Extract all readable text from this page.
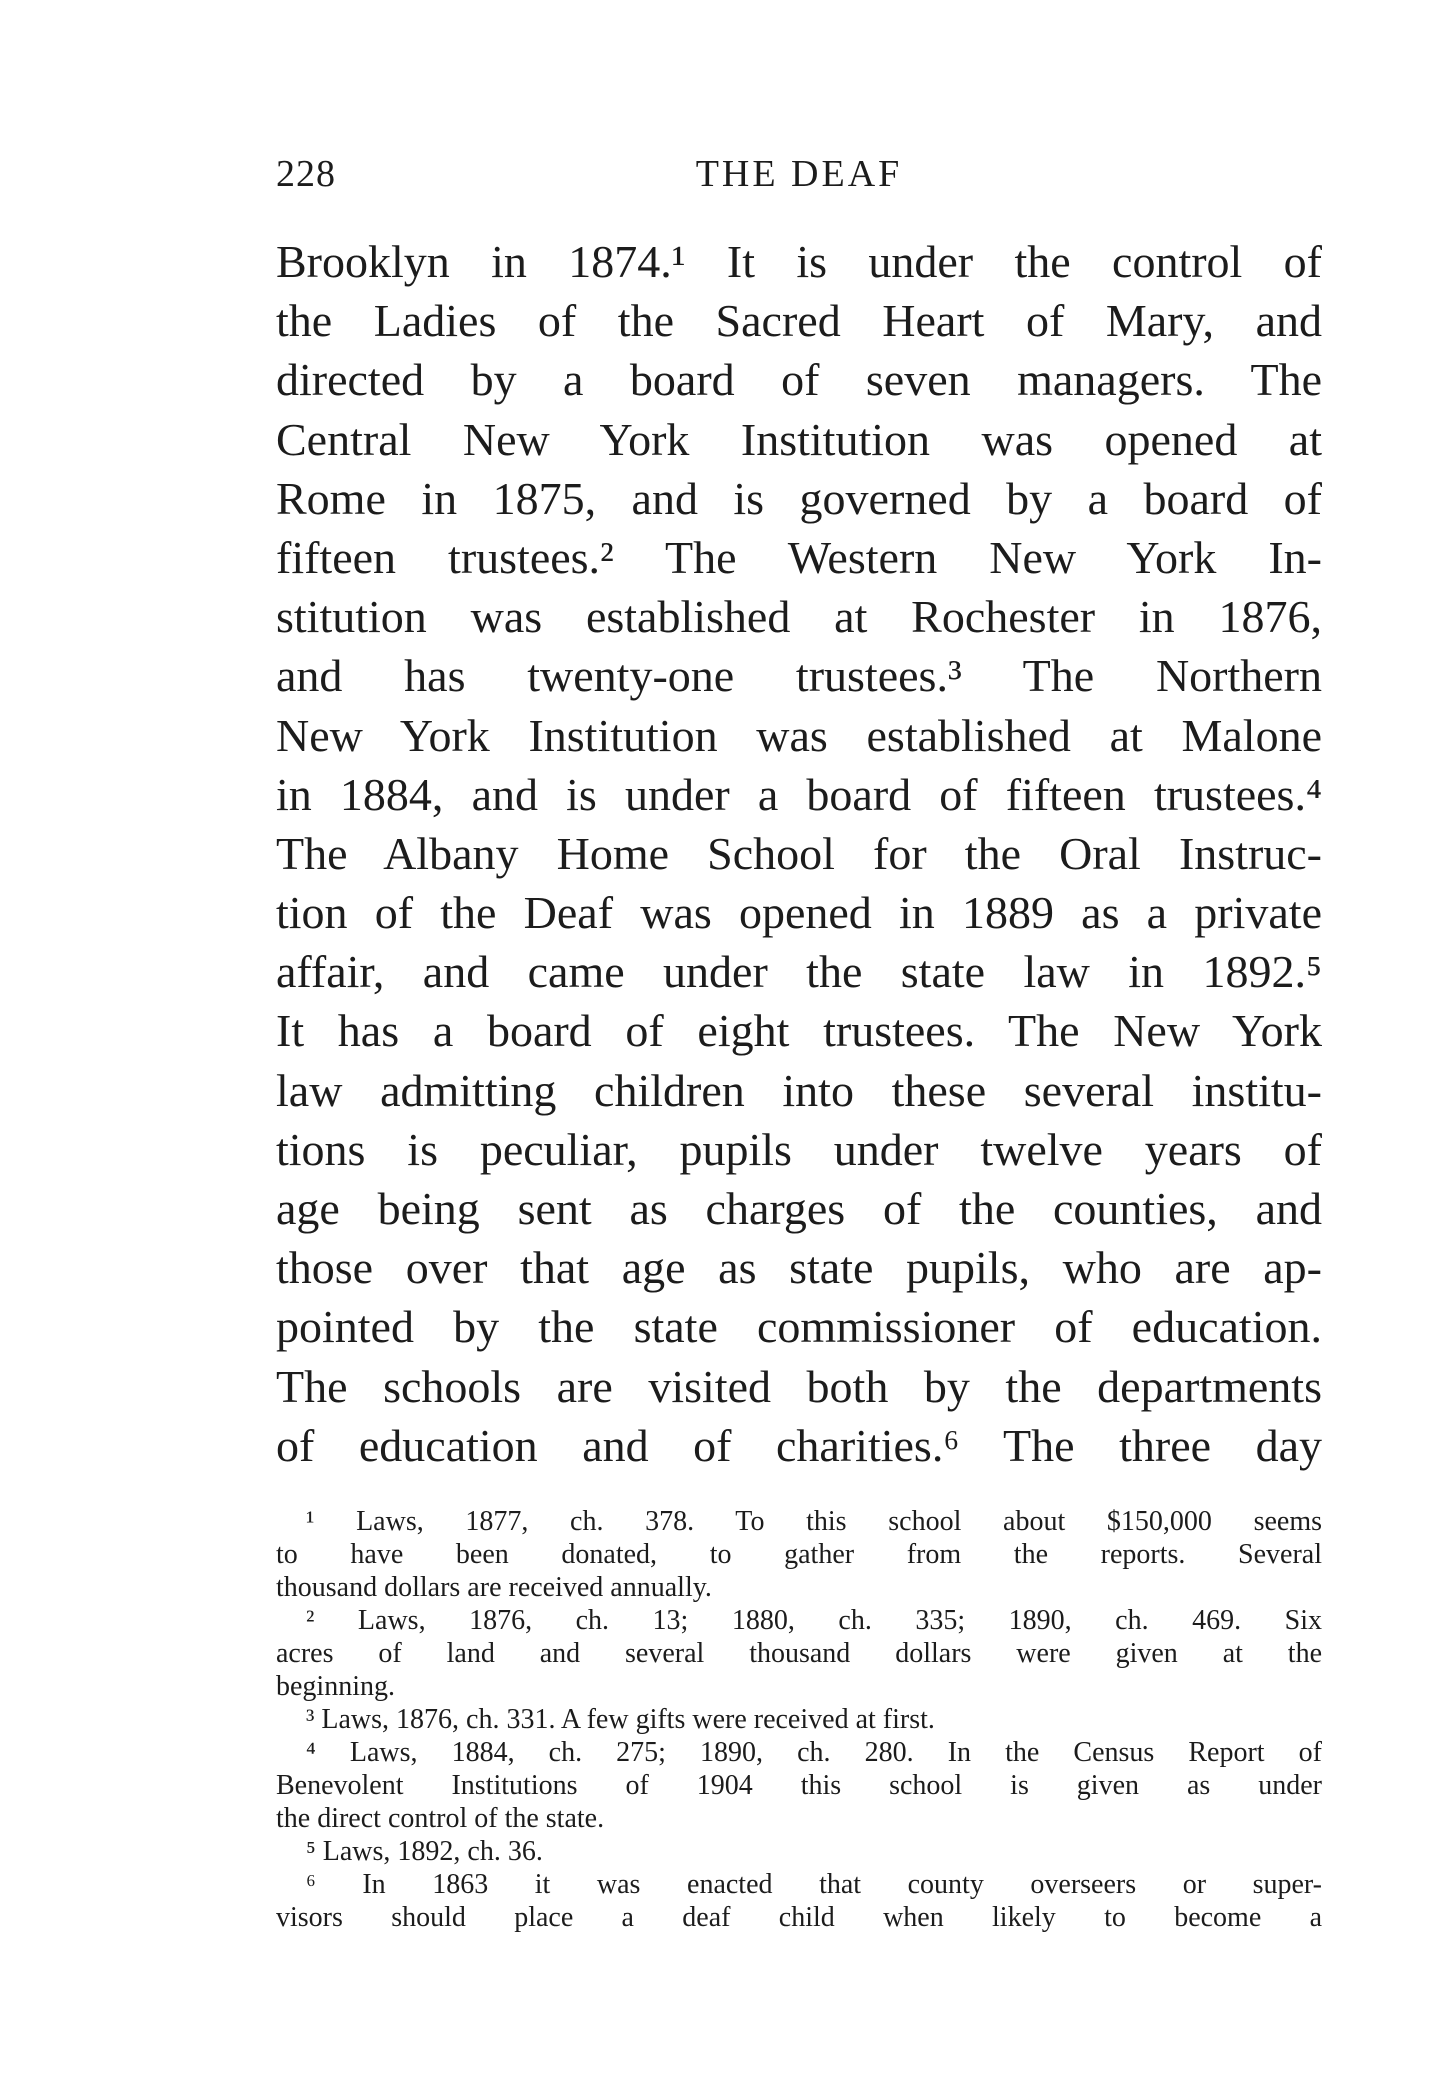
228	THE DEAF
Brooklyn in 1874.¹ It is under the control of
the Ladies of the Sacred Heart of Mary, and
directed by a board of seven managers. The
Central New York Institution was opened at
Rome in 1875, and is governed by a board of
fifteen trustees.² The Western New York In-
stitution was established at Rochester in 1876,
and has twenty-one trustees.³ The Northern
New York Institution was established at Malone
in 1884, and is under a board of fifteen trustees.⁴
The Albany Home School for the Oral Instruc-
tion of the Deaf was opened in 1889 as a private
affair, and came under the state law in 1892.⁵
It has a board of eight trustees. The New York
law admitting children into these several institu-
tions is peculiar, pupils under twelve years of
age being sent as charges of the counties, and
those over that age as state pupils, who are ap-
pointed by the state commissioner of education.
The schools are visited both by the departments
of education and of charities.⁶ The three day
¹ Laws, 1877, ch. 378. To this school about $150,000 seems
to have been donated, to gather from the reports. Several
thousand dollars are received annually.
² Laws, 1876, ch. 13; 1880, ch. 335; 1890, ch. 469. Six
acres of land and several thousand dollars were given at the
beginning.
³ Laws, 1876, ch. 331. A few gifts were received at first.
⁴ Laws, 1884, ch. 275; 1890, ch. 280. In the Census Report of
Benevolent Institutions of 1904 this school is given as under
the direct control of the state.
⁵ Laws, 1892, ch. 36.
⁶ In 1863 it was enacted that county overseers or super-
visors should place a deaf child when likely to become a
